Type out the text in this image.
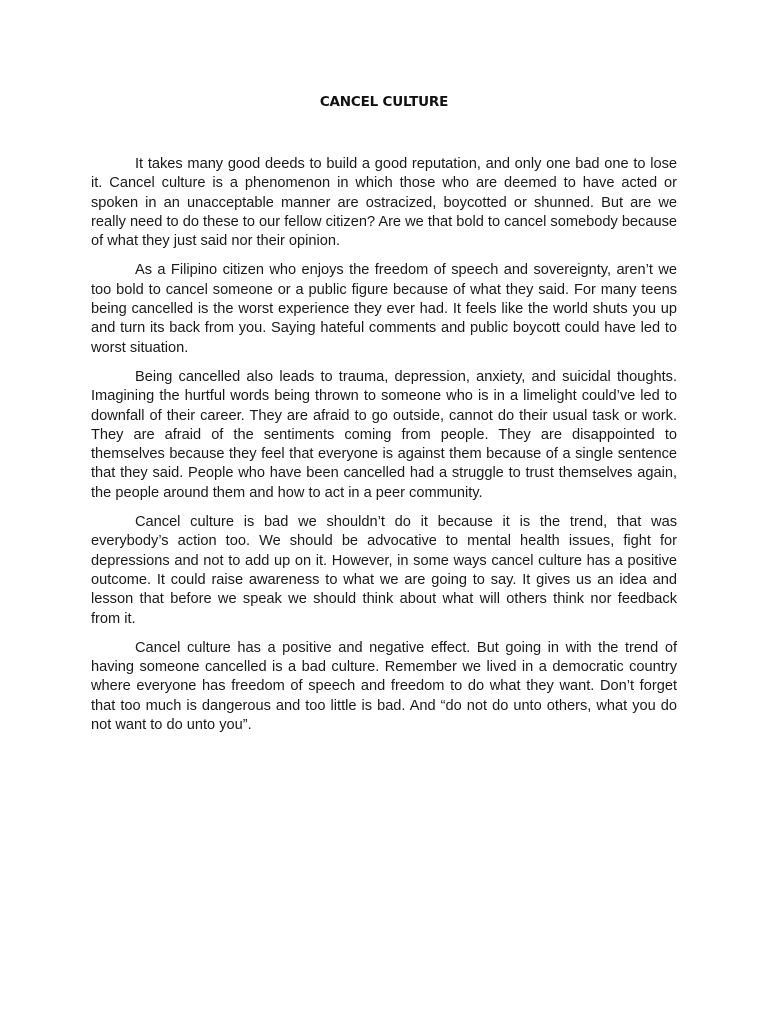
CANCEL CULTURE

It takes many good deeds to build a good reputation, and only one bad one to lose it. Cancel culture is a phenomenon in which those who are deemed to have acted or spoken in an unacceptable manner are ostracized, boycotted or shunned. But are we really need to do these to our fellow citizen? Are we that bold to cancel somebody because of what they just said nor their opinion.

As a Filipino citizen who enjoys the freedom of speech and sovereignty, aren’t we too bold to cancel someone or a public figure because of what they said. For many teens being cancelled is the worst experience they ever had. It feels like the world shuts you up and turn its back from you. Saying hateful comments and public boycott could have led to worst situation.

Being cancelled also leads to trauma, depression, anxiety, and suicidal thoughts. Imagining the hurtful words being thrown to someone who is in a limelight could’ve led to downfall of their career. They are afraid to go outside, cannot do their usual task or work. They are afraid of the sentiments coming from people. They are disappointed to themselves because they feel that everyone is against them because of a single sentence that they said. People who have been cancelled had a struggle to trust themselves again, the people around them and how to act in a peer community.

Cancel culture is bad we shouldn’t do it because it is the trend, that was everybody’s action too. We should be advocative to mental health issues, fight for depressions and not to add up on it. However, in some ways cancel culture has a positive outcome. It could raise awareness to what we are going to say. It gives us an idea and lesson that before we speak we should think about what will others think nor feedback from it.

Cancel culture has a positive and negative effect. But going in with the trend of having someone cancelled is a bad culture. Remember we lived in a democratic country where everyone has freedom of speech and freedom to do what they want. Don’t forget that too much is dangerous and too little is bad. And “do not do unto others, what you do not want to do unto you”.
